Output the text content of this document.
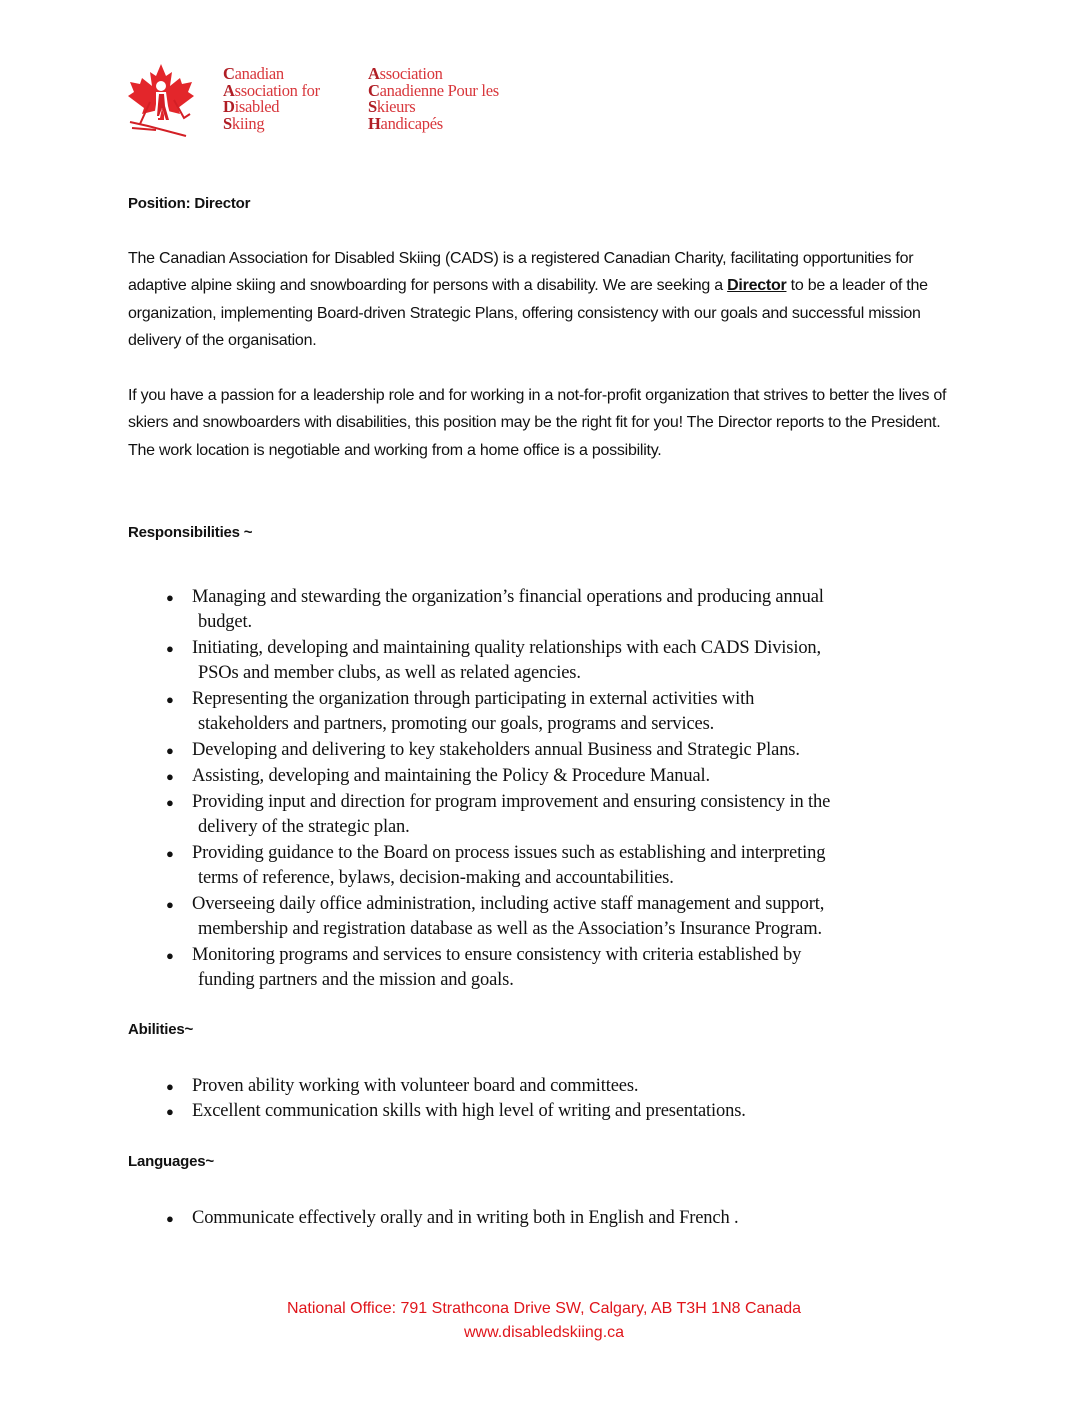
Canadian
Association for
Disabled
Skiing
Association
Canadienne Pour les
Skieurs
Handicapés
Position: Director
The Canadian Association for Disabled Skiing (CADS) is a registered Canadian Charity, facilitating opportunities for adaptive alpine skiing and snowboarding for persons with a disability. We are seeking a Director to be a leader of the organization, implementing Board-driven Strategic Plans, offering consistency with our goals and successful mission delivery of the organisation.
If you have a passion for a leadership role and for working in a not-for-profit organization that strives to better the lives of skiers and snowboarders with disabilities, this position may be the right fit for you! The Director reports to the President. The work location is negotiable and working from a home office is a possibility.
Responsibilities ~
● Managing and stewarding the organization’s financial operations and producing annual
budget.
● Initiating, developing and maintaining quality relationships with each CADS Division,
PSOs and member clubs, as well as related agencies.
● Representing the organization through participating in external activities with
stakeholders and partners, promoting our goals, programs and services.
● Developing and delivering to key stakeholders annual Business and Strategic Plans.
● Assisting, developing and maintaining the Policy & Procedure Manual.
● Providing input and direction for program improvement and ensuring consistency in the
delivery of the strategic plan.
● Providing guidance to the Board on process issues such as establishing and interpreting
terms of reference, bylaws, decision-making and accountabilities.
● Overseeing daily office administration, including active staff management and support,
membership and registration database as well as the Association’s Insurance Program.
● Monitoring programs and services to ensure consistency with criteria established by
funding partners and the mission and goals.
Abilities~
● Proven ability working with volunteer board and committees.
● Excellent communication skills with high level of writing and presentations.
Languages~
● Communicate effectively orally and in writing both in English and French .
National Office: 791 Strathcona Drive SW, Calgary, AB T3H 1N8 Canada
www.disabledskiing.ca
